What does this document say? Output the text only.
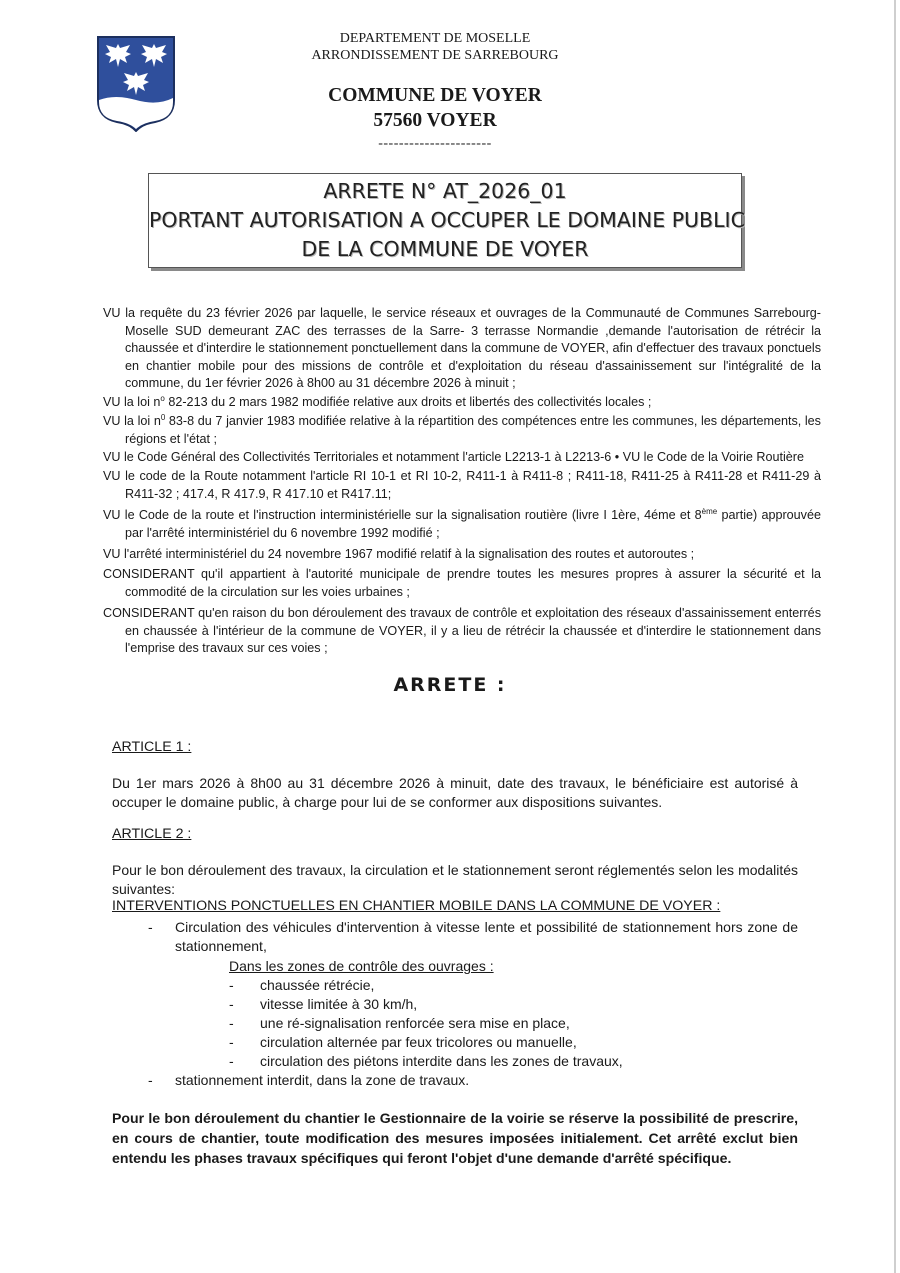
DEPARTEMENT DE MOSELLE
ARRONDISSEMENT DE SARREBOURG
COMMUNE DE VOYER
57560 VOYER
----------------------
ARRETE N° AT_2026_01
PORTANT AUTORISATION A OCCUPER LE DOMAINE PUBLIC
DE LA COMMUNE DE VOYER
VU la requête du 23 février 2026 par laquelle, le service réseaux et ouvrages de la Communauté de Communes Sarrebourg-Moselle SUD demeurant ZAC des terrasses de la Sarre- 3 terrasse Normandie ,demande l'autorisation de rétrécir la chaussée et d'interdire le stationnement ponctuellement dans la commune de VOYER, afin d'effectuer des travaux ponctuels en chantier mobile pour des missions de contrôle et d'exploitation du réseau d'assainissement sur l'intégralité de la commune, du 1er février 2026 à 8h00 au 31 décembre 2026 à minuit ;
VU la loi $n^o$ 82-213 du 2 mars 1982 modifiée relative aux droits et libertés des collectivités locales ;
VU la loi $n^0$ 83-8 du 7 janvier 1983 modifiée relative à la répartition des compétences entre les communes, les départements, les régions et l'état ;
VU le Code Général des Collectivités Territoriales et notamment l'article L2213-1 à L2213-6 • VU le Code de la Voirie Routière
VU le code de la Route notamment l'article RI 10-1 et RI 10-2, R411-1 à R411-8 ; R411-18, R411-25 à R411-28 et R411-29 à R411-32 ; 417.4, R 417.9, R 417.10 et R417.11;
VU le Code de la route et l'instruction interministérielle sur la signalisation routière (livre I 1ère, 4éme et 8ème partie) approuvée par l'arrêté interministériel du 6 novembre 1992 modifié ;
VU l'arrêté interministériel du 24 novembre 1967 modifié relatif à la signalisation des routes et autoroutes ;
CONSIDERANT qu'il appartient à l'autorité municipale de prendre toutes les mesures propres à assurer la sécurité et la commodité de la circulation sur les voies urbaines ;
CONSIDERANT qu'en raison du bon déroulement des travaux de contrôle et exploitation des réseaux d'assainissement enterrés en chaussée à l'intérieur de la commune de VOYER, il y a lieu de rétrécir la chaussée et d'interdire le stationnement dans l'emprise des travaux sur ces voies ;
ARRETE :
ARTICLE 1 :
Du 1er mars 2026 à 8h00 au 31 décembre 2026 à minuit, date des travaux, le bénéficiaire est autorisé à occuper le domaine public, à charge pour lui de se conformer aux dispositions suivantes.
ARTICLE 2 :
Pour le bon déroulement des travaux, la circulation et le stationnement seront réglementés selon les modalités suivantes:
INTERVENTIONS PONCTUELLES EN CHANTIER MOBILE DANS LA COMMUNE DE VOYER :
-	Circulation des véhicules d'intervention à vitesse lente et possibilité de stationnement hors zone de stationnement,
Dans les zones de contrôle des ouvrages :
-	chaussée rétrécie,
-	vitesse limitée à 30 km/h,
-	une ré-signalisation renforcée sera mise en place,
-	circulation alternée par feux tricolores ou manuelle,
-	circulation des piétons interdite dans les zones de travaux,
-	stationnement interdit, dans la zone de travaux.
Pour le bon déroulement du chantier le Gestionnaire de la voirie se réserve la possibilité de prescrire, en cours de chantier, toute modification des mesures imposées initialement. Cet arrêté exclut bien entendu les phases travaux spécifiques qui feront l'objet d'une demande d'arrêté spécifique.
